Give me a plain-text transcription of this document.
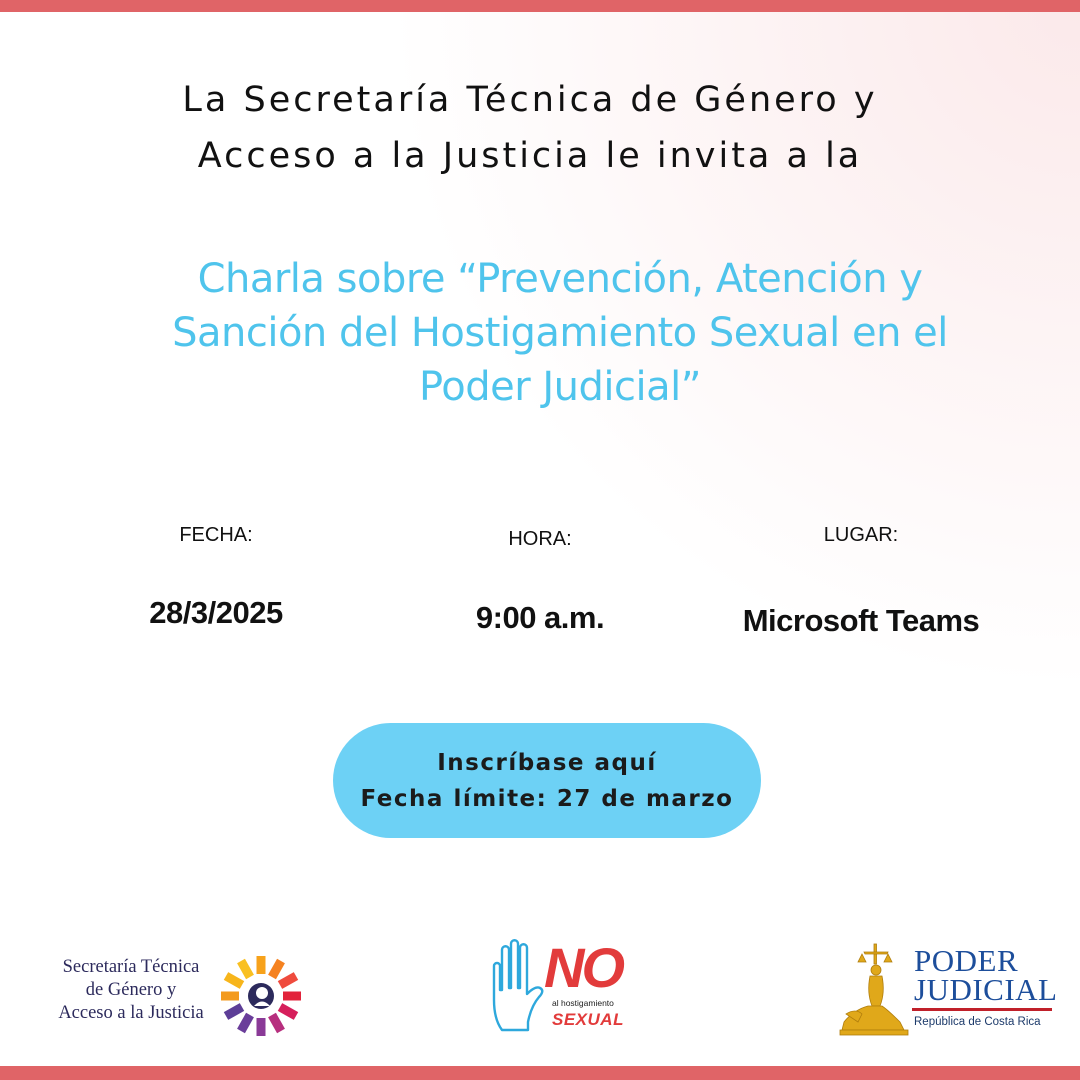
La Secretaría Técnica de Género y
Acceso a la Justicia le invita a la
Charla sobre “Prevención, Atención y
Sanción del Hostigamiento Sexual en el
Poder Judicial”
FECHA:
28/3/2025
HORA:
9:00 a.m.
LUGAR:
Microsoft Teams
Inscríbase aquí
Fecha límite: 27 de marzo
Secretaría Técnica
de Género y
Acceso a la Justicia
NO
al hostigamiento
SEXUAL
PODER
JUDICIAL
República de Costa Rica
